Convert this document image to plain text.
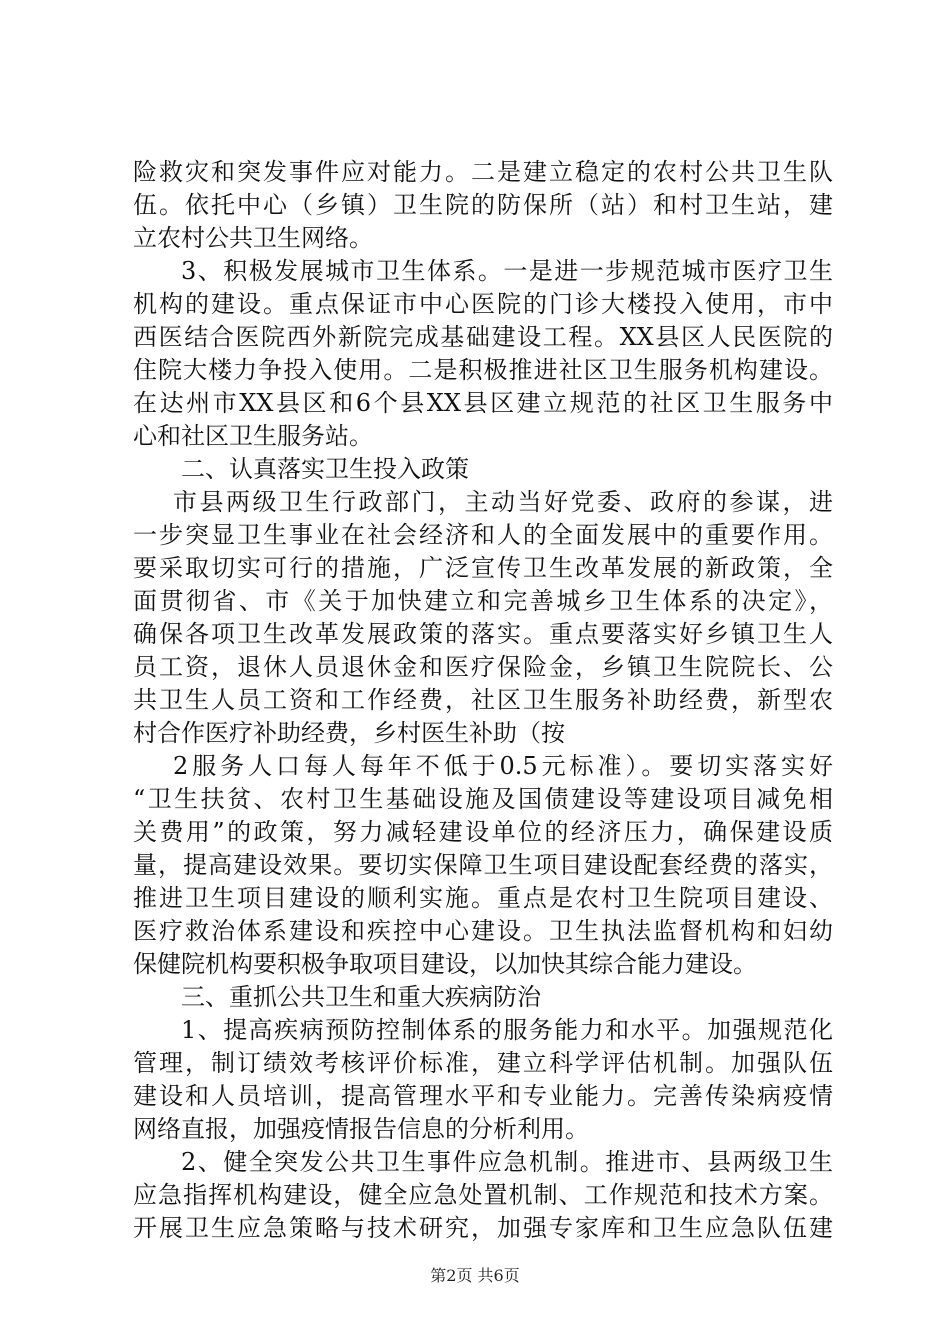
险救灾和突发事件应对能力。二是建立稳定的农村公共卫生队
伍。依托中心（乡镇）卫生院的防保所（站）和村卫生站，建
立农村公共卫生网络。
3、积极发展城市卫生体系。一是进一步规范城市医疗卫生
机构的建设。重点保证市中心医院的门诊大楼投入使用，市中
西医结合医院西外新院完成基础建设工程。XX县区人民医院的
住院大楼力争投入使用。二是积极推进社区卫生服务机构建设。
在达州市XX县区和6个县XX县区建立规范的社区卫生服务中
心和社区卫生服务站。
二、认真落实卫生投入政策
市县两级卫生行政部门，主动当好党委、政府的参谋，进
一步突显卫生事业在社会经济和人的全面发展中的重要作用。
要采取切实可行的措施，广泛宣传卫生改革发展的新政策，全
面贯彻省、市《关于加快建立和完善城乡卫生体系的决定》，
确保各项卫生改革发展政策的落实。重点要落实好乡镇卫生人
员工资，退休人员退休金和医疗保险金，乡镇卫生院院长、公
共卫生人员工资和工作经费，社区卫生服务补助经费，新型农
村合作医疗补助经费，乡村医生补助（按
2服务人口每人每年不低于0.5元标准）。要切实落实好
“卫生扶贫、农村卫生基础设施及国债建设等建设项目减免相
关费用”的政策，努力减轻建设单位的经济压力，确保建设质
量，提高建设效果。要切实保障卫生项目建设配套经费的落实，
推进卫生项目建设的顺利实施。重点是农村卫生院项目建设、
医疗救治体系建设和疾控中心建设。卫生执法监督机构和妇幼
保健院机构要积极争取项目建设，以加快其综合能力建设。
三、重抓公共卫生和重大疾病防治
1、提高疾病预防控制体系的服务能力和水平。加强规范化
管理，制订绩效考核评价标准，建立科学评估机制。加强队伍
建设和人员培训，提高管理水平和专业能力。完善传染病疫情
网络直报，加强疫情报告信息的分析利用。
2、健全突发公共卫生事件应急机制。推进市、县两级卫生
应急指挥机构建设，健全应急处置机制、工作规范和技术方案。
开展卫生应急策略与技术研究，加强专家库和卫生应急队伍建
第2页 共6页
